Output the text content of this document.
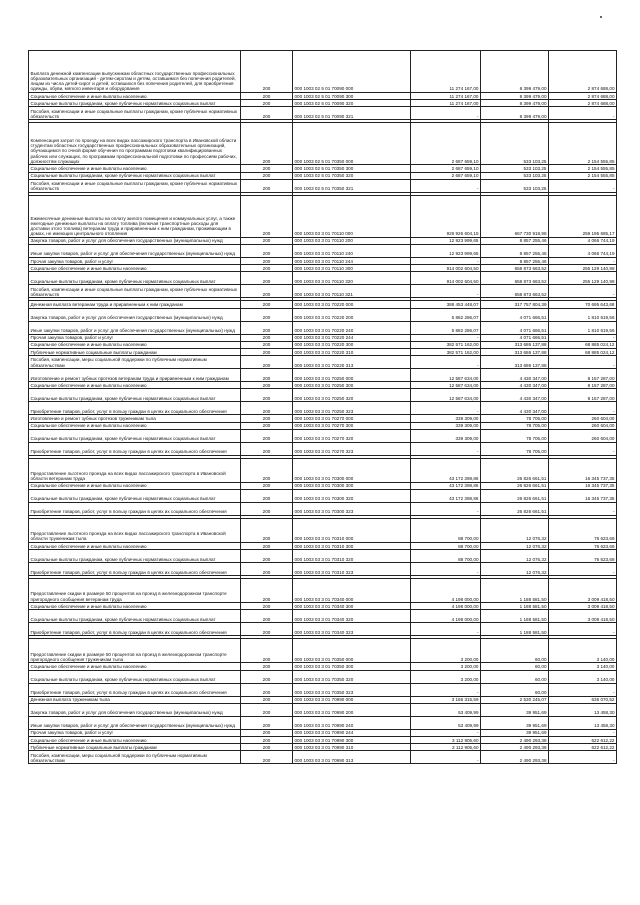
Выплата денежной компенсации выпускникам областных государственных профессиональных образовательных организаций - детям-сиротам и детям, оставшимся без попечения родителей, лицам из числа детей-сирот и детей, оставшихся без попечения родителей, для приобретения одежды, обуви, мягкого инвентаря и оборудования	200	000 1003 02 5 01 70090 000	11 274 167,00	8 399 479,00	2 874 688,00
Социальное обеспечение и иные выплаты населению	200	000 1003 02 5 01 70090 300	11 274 167,00	8 399 479,00	2 874 688,00
Социальные выплаты гражданам, кроме публичных нормативных социальных выплат	200	000 1003 02 5 01 70090 320	11 274 167,00	8 399 479,00	2 874 688,00
Пособия, компенсации и иные социальные выплаты гражданам, кроме публичных нормативных обязательств	200	000 1003 02 5 01 70090 321	-	8 399 479,00	-

Компенсация затрат по проезду на всех видах пассажирского транспорта в Ивановской области студентам областных государственных профессиональных образовательных организаций, обучающимся по очной форме обучения по программам подготовки квалифицированных рабочих или служащих, по программам профессиональной подготовки по профессиям рабочих, должностям служащих	200	000 1003 02 5 01 70350 000	2 687 659,10	533 103,25	2 154 555,85
Социальное обеспечение и иные выплаты населению	200	000 1003 02 5 01 70350 300	2 687 659,10	533 103,25	2 154 555,85
Социальные выплаты гражданам, кроме публичных нормативных социальных выплат	200	000 1003 02 5 01 70350 320	2 687 659,10	533 103,25	2 154 555,85
Пособия, компенсации и иные социальные выплаты гражданам, кроме публичных нормативных обязательств	200	000 1003 02 5 01 70350 321	-	533 103,25	-

Ежемесячные денежные выплаты на оплату жилого помещения и коммунальных услуг, а также ежегодные денежные выплаты на оплату топлива (включая транспортные расходы для доставки этого топлива) ветеранам труда и приравненным к ним гражданам, проживающим в домах, не имеющих центрального отопления	200	000 1003 03 3 01 70110 000	926 926 604,15	667 730 918,98	259 195 685,17
Закупка товаров, работ и услуг для обеспечения государственных (муниципальных) нужд	200	000 1003 03 3 01 70110 200	12 923 999,65	8 857 255,46	4 066 744,19
Иные закупки товаров, работ и услуг для обеспечения государственных (муниципальных) нужд	200	000 1003 03 3 01 70110 240	12 923 999,65	8 857 255,46	4 066 744,19
Прочая закупка товаров, работ и услуг	200	000 1003 03 3 01 70110 244	-	8 857 255,46	-
Социальное обеспечение и иные выплаты населению	200	000 1003 03 3 01 70110 300	914 002 604,50	658 873 663,52	255 129 140,98
Социальные выплаты гражданам, кроме публичных нормативных социальных выплат	200	000 1003 03 3 01 70110 320	914 002 604,50	658 873 663,52	255 129 140,98
Пособия, компенсации и иные социальные выплаты гражданам, кроме публичных нормативных обязательств	200	000 1003 03 3 01 70110 321	-	658 873 663,52	-

Денежная выплата ветеранам труда и приравненным к ним гражданам	200	000 1003 03 3 01 70220 000	388 453 448,07	317 757 804,39	70 695 643,68
Закупка товаров, работ и услуг для обеспечения государственных (муниципальных) нужд	200	000 1003 03 3 01 70220 200	5 882 286,07	4 071 666,51	1 810 619,56
Иные закупки товаров, работ и услуг для обеспечения государственных (муниципальных) нужд	200	000 1003 03 3 01 70220 240	5 882 286,07	4 071 666,51	1 810 619,56
Прочая закупка товаров, работ и услуг	200	000 1003 03 3 01 70220 244	-	4 071 666,51	-
Социальное обеспечение и иные выплаты населению	200	000 1003 03 3 01 70220 300	382 571 162,00	313 686 137,88	68 885 024,12
Публичные нормативные социальные выплаты гражданам	200	000 1003 03 3 01 70220 310	382 571 162,00	313 686 137,88	68 885 024,12
Пособия, компенсации, меры социальной поддержки по публичным нормативным обязательствам	200	000 1003 03 3 01 70220 313	-	313 686 137,88	-
Изготовление и ремонт зубных протезов ветеранам труда и приравненным к ним гражданам	200	000 1003 03 3 01 70250 000	12 587 634,00	4 430 347,00	8 157 287,00
Социальное обеспечение и иные выплаты населению	200	000 1003 03 3 01 70250 300	12 587 634,00	4 430 347,00	8 157 287,00
Социальные выплаты гражданам, кроме публичных нормативных социальных выплат	200	000 1003 03 3 01 70250 320	12 587 634,00	4 430 347,00	8 157 287,00
Приобретение товаров, работ, услуг в пользу граждан в целях их социального обеспечения	200	000 1003 03 3 01 70250 323	-	4 430 347,00	-
Изготовление и ремонт зубных протезов труженикам тыла	200	000 1003 03 3 01 70270 000	339 309,00	78 705,00	260 604,00
Социальное обеспечение и иные выплаты населению	200	000 1003 03 3 01 70270 300	339 309,00	78 705,00	260 604,00
Социальные выплаты гражданам, кроме публичных нормативных социальных выплат	200	000 1003 03 3 01 70270 320	339 309,00	78 705,00	260 604,00
Приобретение товаров, работ, услуг в пользу граждан в целях их социального обеспечения	200	000 1003 03 3 01 70270 323	-	78 705,00	-

Предоставление льготного проезда на всех видах пассажирского транспорта в Ивановской области ветеранам труда	200	000 1003 03 3 01 70300 000	43 172 398,86	26 826 661,51	16 345 737,35
Социальное обеспечение и иные выплаты населению	200	000 1003 03 3 01 70300 300	43 172 398,86	26 826 661,51	16 345 737,35
Социальные выплаты гражданам, кроме публичных нормативных социальных выплат	200	000 1003 03 3 01 70300 320	43 172 398,86	26 826 661,51	16 345 737,35
Приобретение товаров, работ, услуг в пользу граждан в целях их социального обеспечения	200	000 1003 03 3 01 70300 323	-	26 826 661,51	-

Предоставление льготного проезда на всех видах пассажирского транспорта в Ивановской области труженикам тыла	200	000 1003 03 3 01 70310 000	88 700,00	12 076,32	76 623,68
Социальное обеспечение и иные выплаты населению	200	000 1003 03 3 01 70310 300	88 700,00	12 076,32	76 623,68
Социальные выплаты гражданам, кроме публичных нормативных социальных выплат	200	000 1003 03 3 01 70310 320	88 700,00	12 076,32	76 623,68
Приобретение товаров, работ, услуг в пользу граждан в целях их социального обеспечения	200	000 1003 03 3 01 70310 323	-	12 076,32	-

Предоставление скидки в размере 50 процентов на проезд в железнодорожном транспорте пригородного сообщения ветеранам труда	200	000 1003 03 3 01 70340 000	4 198 000,00	1 188 581,50	3 009 418,50
Социальное обеспечение и иные выплаты населению	200	000 1003 03 3 01 70340 300	4 198 000,00	1 188 581,50	3 009 418,50
Социальные выплаты гражданам, кроме публичных нормативных социальных выплат	200	000 1003 03 3 01 70340 320	4 198 000,00	1 188 581,50	3 009 418,50
Приобретение товаров, работ, услуг в пользу граждан в целях их социального обеспечения	200	000 1003 03 3 01 70340 323	-	1 188 581,50	-

Предоставление скидки в размере 50 процентов на проезд в железнодорожном транспорте пригородного сообщения труженикам тыла	200	000 1003 03 3 01 70350 000	3 200,00	60,00	3 140,00
Социальное обеспечение и иные выплаты населению	200	000 1003 03 3 01 70350 300	3 200,00	60,00	3 140,00
Социальные выплаты гражданам, кроме публичных нормативных социальных выплат	200	000 1003 03 3 01 70350 320	3 200,00	60,00	3 140,00
Приобретение товаров, работ, услуг в пользу граждан в целях их социального обеспечения	200	000 1003 03 3 01 70350 323	-	60,00	-
Денежная выплата труженикам тыла	200	000 1003 03 3 01 70990 000	3 166 315,59	2 530 245,07	636 070,52
Закупка товаров, работ и услуг для обеспечения государственных (муниципальных) нужд	200	000 1003 03 3 01 70990 200	53 409,99	39 951,69	13 458,30
Иные закупки товаров, работ и услуг для обеспечения государственных (муниципальных) нужд	200	000 1003 03 3 01 70990 240	53 409,99	39 951,69	13 458,30
Прочая закупка товаров, работ и услуг	200	000 1003 03 3 01 70990 244	-	39 951,69	-
Социальное обеспечение и иные выплаты населению	200	000 1003 03 3 01 70990 300	3 112 905,60	2 490 293,38	622 612,22
Публичные нормативные социальные выплаты гражданам	200	000 1003 03 3 01 70990 310	3 112 905,60	2 490 293,38	622 612,22
Пособия, компенсации, меры социальной поддержки по публичным нормативным обязательствам	200	000 1003 03 3 01 70990 313	-	2 490 293,38	-
